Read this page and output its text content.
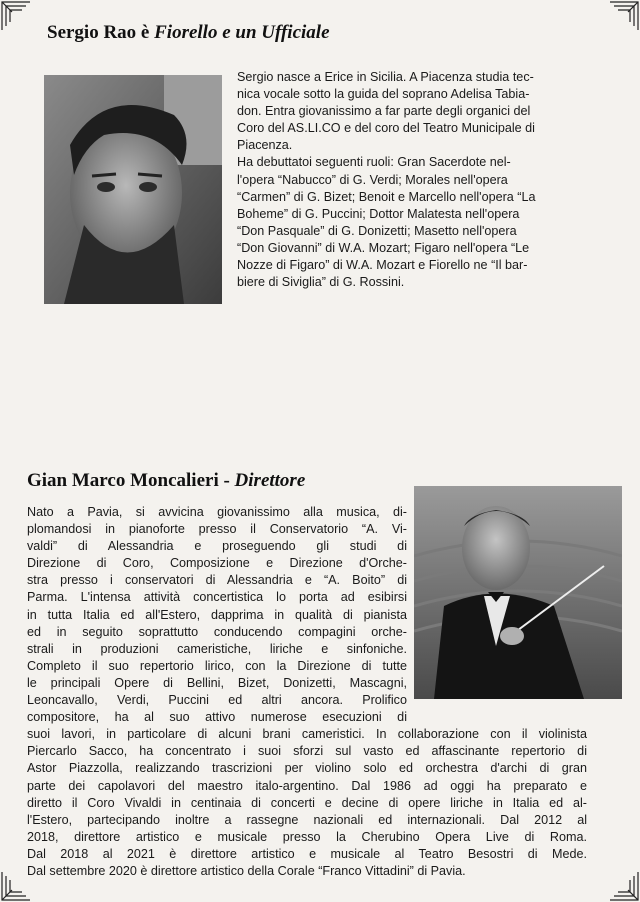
Sergio Rao è Fiorello e un Ufficiale
Sergio nasce a Erice in Sicilia. A Piacenza studia tec-
nica vocale sotto la guida del soprano Adelisa Tabia-
don. Entra giovanissimo a far parte degli organici del
Coro del AS.LI.CO e del coro del Teatro Municipale di
Piacenza.
Ha debuttatoi seguenti ruoli: Gran Sacerdote nel-
l'opera “Nabucco” di G. Verdi; Morales nell'opera
“Carmen” di G. Bizet; Benoit e Marcello nell'opera “La
Boheme” di G. Puccini; Dottor Malatesta nell'opera
“Don Pasquale” di G. Donizetti; Masetto nell'opera
“Don Giovanni” di W.A. Mozart; Figaro nell'opera “Le
Nozze di Figaro” di W.A. Mozart e Fiorello ne “Il bar-
biere di Siviglia” di G. Rossini.
Gian Marco Moncalieri - Direttore
Nato a Pavia, si avvicina giovanissimo alla musica, di-
plomandosi in pianoforte presso il Conservatorio “A. Vi-
valdi” di Alessandria e proseguendo gli studi di
Direzione di Coro, Composizione e Direzione d'Orche-
stra presso i conservatori di Alessandria e “A. Boito” di
Parma. L'intensa attività concertistica lo porta ad esibirsi
in tutta Italia ed all'Estero, dapprima in qualità di pianista
ed in seguito soprattutto conducendo compagini orche-
strali in produzioni cameristiche, liriche e sinfoniche.
Completo il suo repertorio lirico, con la Direzione di tutte
le principali Opere di Bellini, Bizet, Donizetti, Mascagni,
Leoncavallo, Verdi, Puccini ed altri ancora. Prolifico
compositore, ha al suo attivo numerose esecuzioni di
suoi lavori, in particolare di alcuni brani cameristici. In collaborazione con il violinista
Piercarlo Sacco, ha concentrato i suoi sforzi sul vasto ed affascinante repertorio di
Astor Piazzolla, realizzando trascrizioni per violino solo ed orchestra d'archi di gran
parte dei capolavori del maestro italo-argentino. Dal 1986 ad oggi ha preparato e
diretto il Coro Vivaldi in centinaia di concerti e decine di opere liriche in Italia ed al-
l'Estero, partecipando inoltre a rassegne nazionali ed internazionali. Dal 2012 al
2018, direttore artistico e musicale presso la Cherubino Opera Live di Roma.
Dal 2018 al 2021 è direttore artistico e musicale al Teatro Besostri di Mede.
Dal settembre 2020 è direttore artistico della Corale “Franco Vittadini” di Pavia.
